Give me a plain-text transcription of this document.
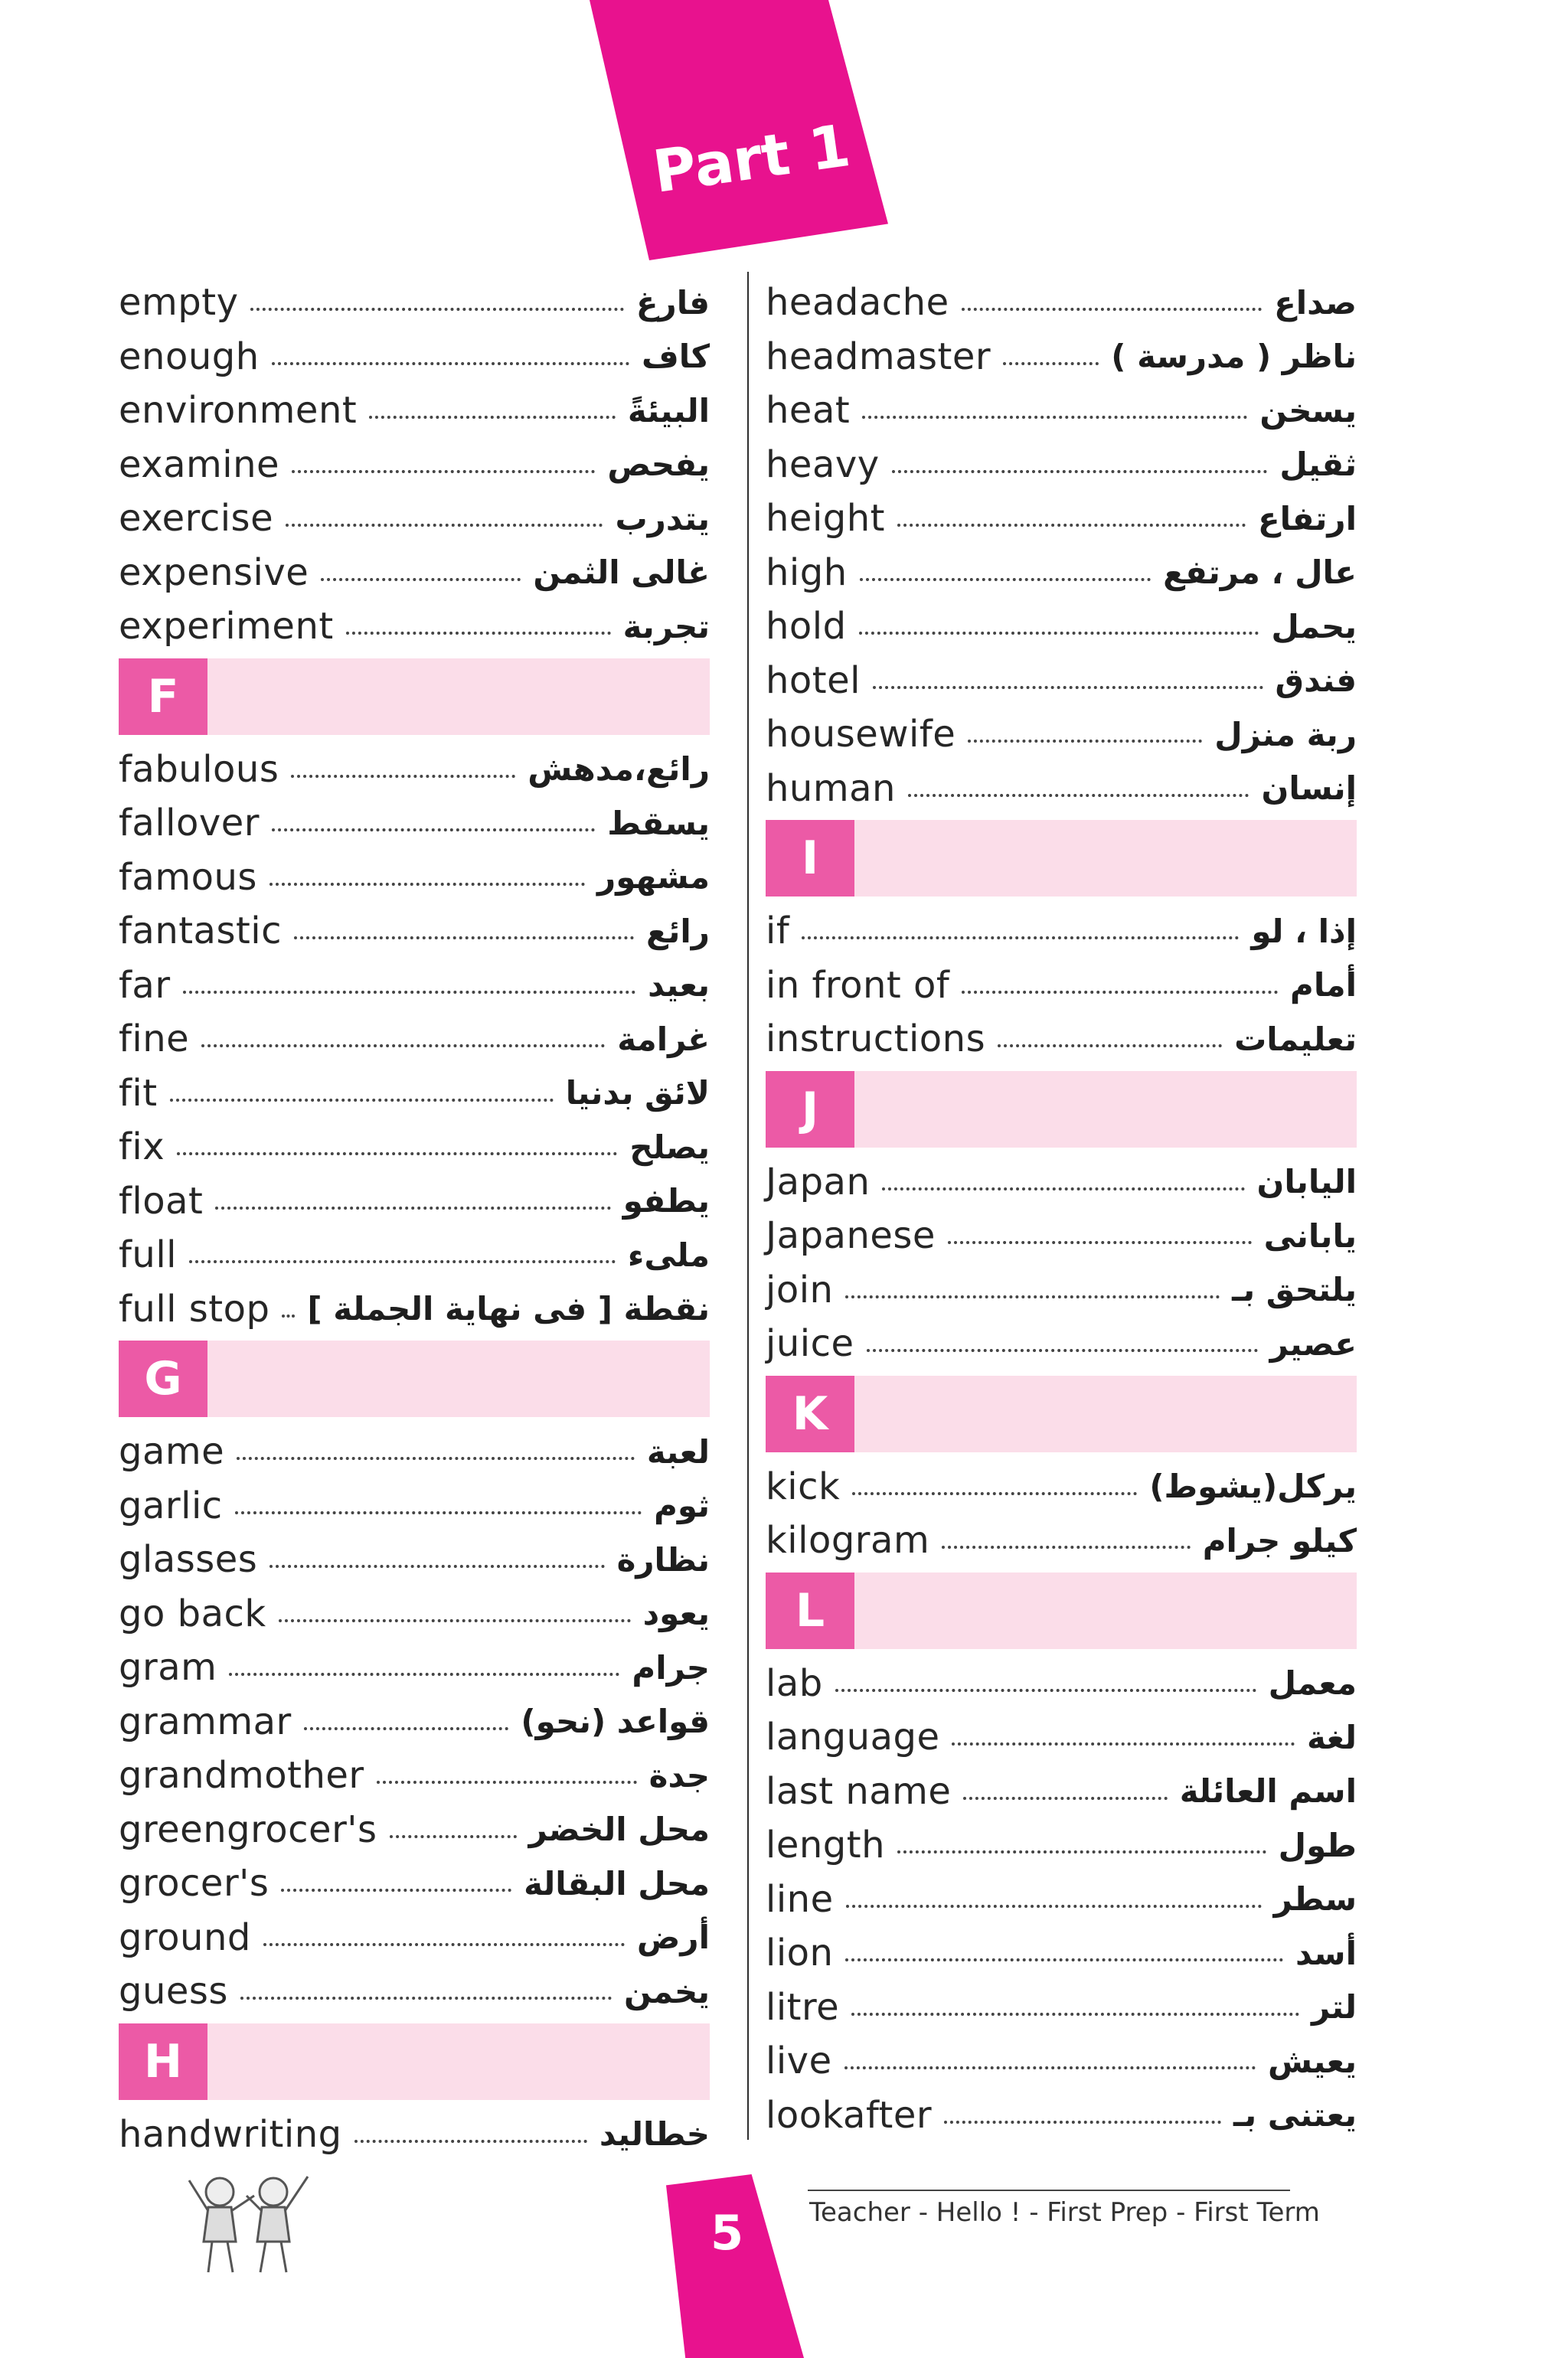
Part 1
empty	فارغ
enough	كاف
environment	البيئةً
examine	يفحص
exercise	يتدرب
expensive	غالى الثمن
experiment	تجربة
F
fabulous	رائع،مدهش
fallover	يسقط
famous	مشهور
fantastic	رائع
far	بعيد
fine	غرامة
fit	لائق بدنيا
fix	يصلح
float	يطفو
full	ملىء
full stop نقطة [ فى نهاية الجملة ]
G
game	لعبة
garlic	ثوم
glasses	نظارة
go back	يعود
gram	جرام
grammar	قواعد (نحو)
grandmother	جدة
greengrocer's	محل الخضر
grocer's	محل البقالة
ground	أرض
guess	يخمن
H
handwriting	خطاليد
headache	صداع
headmaster	ناظر ( مدرسة )
heat	يسخن
heavy	ثقيل
height	ارتفاع
high	عال ، مرتفع
hold	يحمل
hotel	فندق
housewife	ربة منزل
human	إنسان
I
if	إذا ، لو
in front of	أمام
instructions	تعليمات
J
Japan	اليابان
Japanese	يابانى
join	يلتحق بـ
juice	عصير
K
kick	يركل(يشوط)
kilogram	كيلو جرام
L
lab	معمل
language	لغة
last name	اسم العائلة
length	طول
line	سطر
lion	أسد
litre	لتر
live	يعيش
lookafter	يعتنى بـ
5	Teacher - Hello ! - First Prep - First Term
